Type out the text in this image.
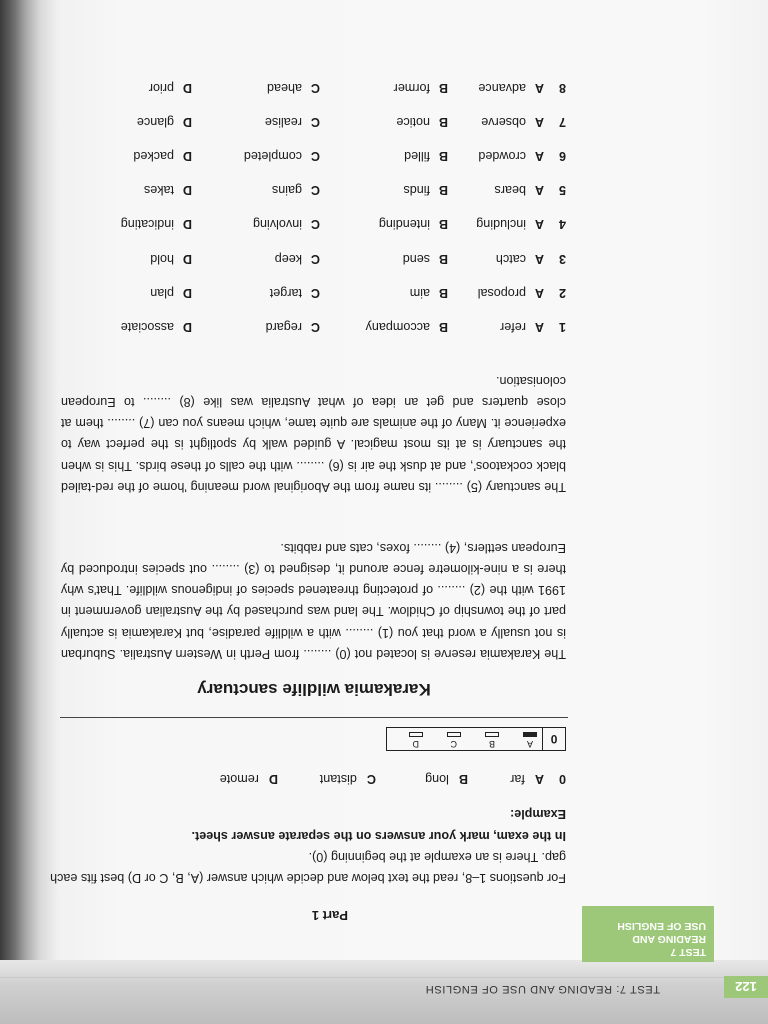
122
TEST 7: READING AND USE OF ENGLISH
TEST 7
READING AND
USE OF ENGLISH
Part 1
For questions 1–8, read the text below and decide which answer (A, B, C or D) best fits each gap. There is an example at the beginning (0).
In the exam, mark your answers on the separate answer sheet.
Example:
0
Afar
Blong
Cdistant
Dremote
0
A
B
C
D
Karakamia wildlife sanctuary
The Karakamia reserve is located not (0) ........ from Perth in Western Australia. Suburban is not usually a word that you (1) ........ with a wildlife paradise, but Karakamia is actually part of the township of Chidlow. The land was purchased by the Australian government in 1991 with the (2) ........ of protecting threatened species of indigenous wildlife. That's why there is a nine-kilometre fence around it, designed to (3) ........ out species introduced by European settlers, (4) ........ foxes, cats and rabbits.
The sanctuary (5) ........ its name from the Aboriginal word meaning 'home of the red-tailed black cockatoos', and at dusk the air is (6) ........ with the calls of these birds. This is when the sanctuary is at its most magical. A guided walk by spotlight is the perfect way to experience it. Many of the animals are quite tame, which means you can (7) ........ them at close quarters and get an idea of what Australia was like (8) ........ to European colonisation.
1
Arefer
Baccompany
Cregard
Dassociate
2
Aproposal
Baim
Ctarget
Dplan
3
Acatch
Bsend
Ckeep
Dhold
4
Aincluding
Bintending
Cinvolving
Dindicating
5
Abears
Bfinds
Cgains
Dtakes
6
Acrowded
Bfilled
Ccompleted
Dpacked
7
Aobserve
Bnotice
Crealise
Dglance
8
Aadvance
Bformer
Cahead
Dprior
